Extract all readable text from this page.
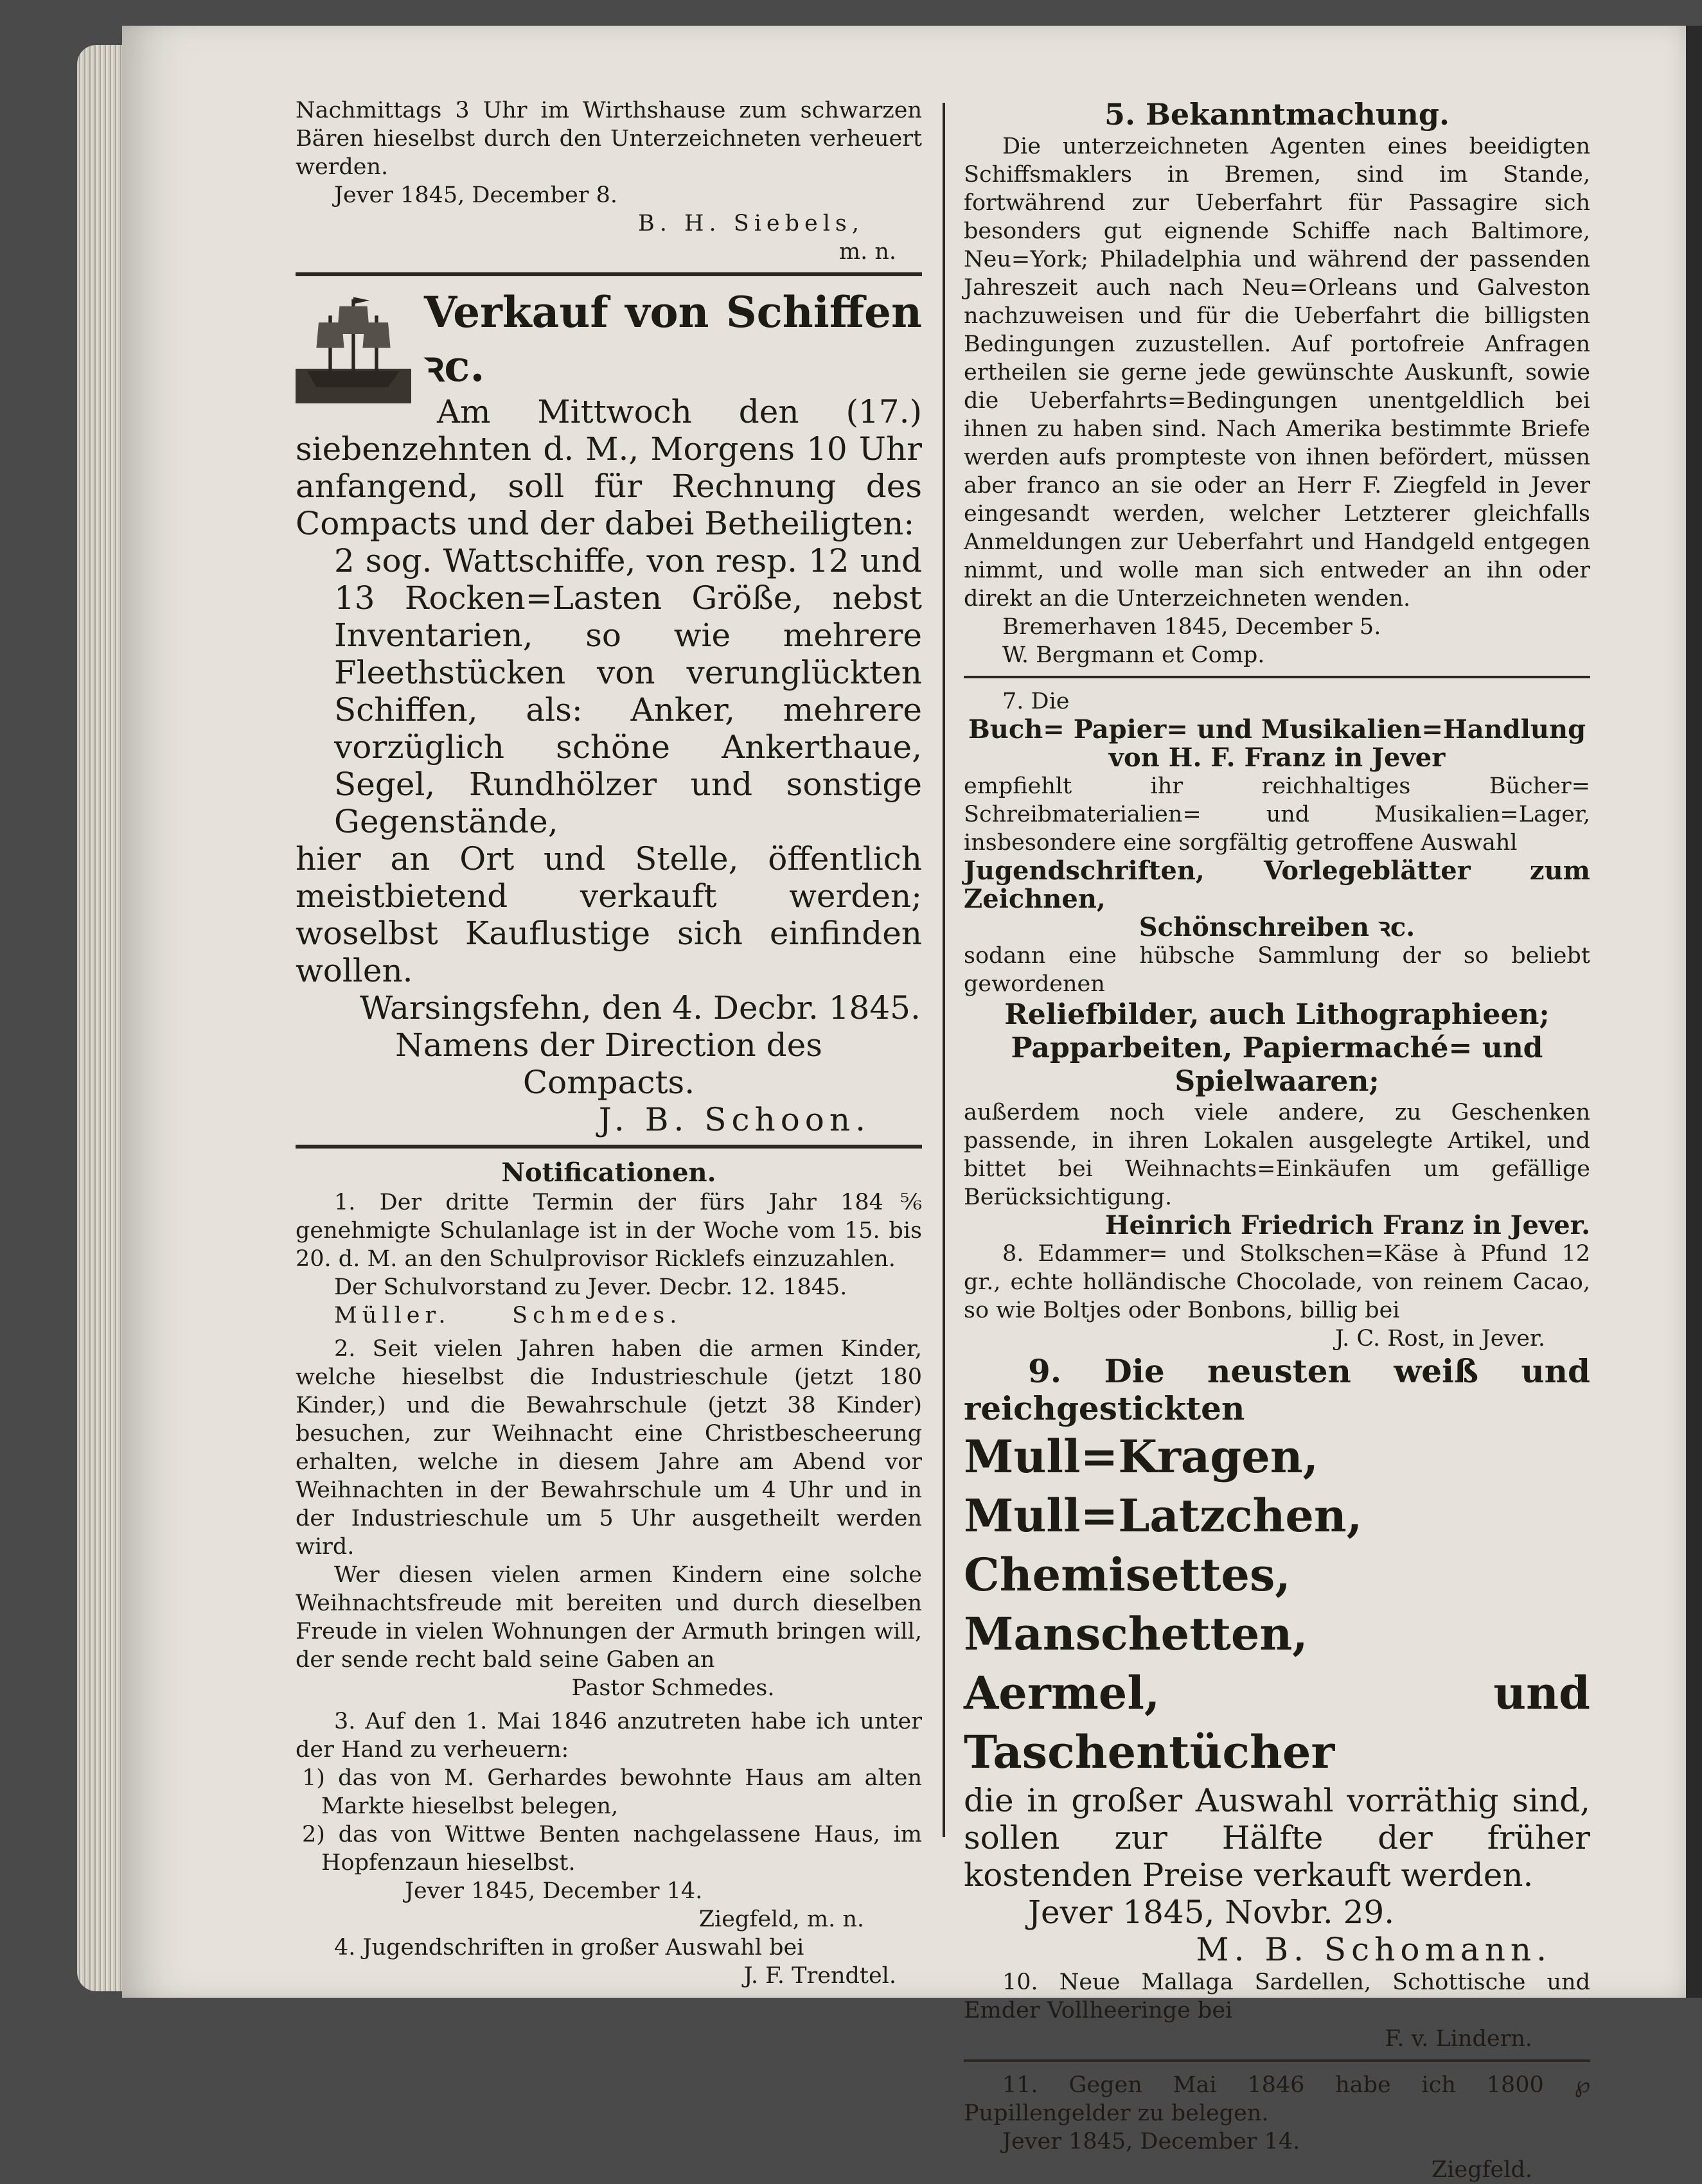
Nachmittags 3 Uhr im Wirthshause zum schwarzen Bären hieselbst durch den Unterzeichneten verheuert werden.

Jever 1845, December 8.

B. H. Siebels,

m. n.

Verkauf von Schiffen ꝛc.

Am Mittwoch den (17.) siebenzehnten d. M., Morgens 10 Uhr anfangend, soll für Rechnung des Compacts und der dabei Betheiligten:

2 sog. Wattschiffe, von resp. 12 und 13 Rocken=Lasten Größe, nebst Inventarien, so wie mehrere Fleethstücken von verunglückten Schiffen, als: Anker, mehrere vorzüglich schöne Ankerthaue, Segel, Rundhölzer und sonstige Gegenstände,

hier an Ort und Stelle, öffentlich meistbietend verkauft werden; woselbst Kauflustige sich einfinden wollen.

Warsingsfehn, den 4. Decbr. 1845.

Namens der Direction des

Compacts.

J. B. Schoon.

Notificationen.

1. Der dritte Termin der fürs Jahr 184⅚ genehmigte Schulanlage ist in der Woche vom 15. bis 20. d. M. an den Schulprovisor Ricklefs einzuzahlen.

Der Schulvorstand zu Jever. Decbr. 12. 1845.

Müller.     Schmedes.

2. Seit vielen Jahren haben die armen Kinder, welche hieselbst die Industrieschule (jetzt 180 Kinder,) und die Bewahrschule (jetzt 38 Kinder) besuchen, zur Weihnacht eine Christbescheerung erhalten, welche in diesem Jahre am Abend vor Weihnachten in der Bewahrschule um 4 Uhr und in der Industrieschule um 5 Uhr ausgetheilt werden wird.

Wer diesen vielen armen Kindern eine solche Weihnachtsfreude mit bereiten und durch dieselben Freude in vielen Wohnungen der Armuth bringen will, der sende recht bald seine Gaben an

Pastor Schmedes.

3. Auf den 1. Mai 1846 anzutreten habe ich unter der Hand zu verheuern:

1) das von M. Gerhardes bewohnte Haus am alten Markte hieselbst belegen,

2) das von Wittwe Benten nachgelassene Haus, im Hopfenzaun hieselbst.

Jever 1845, December 14.

Ziegfeld, m. n.

4. Jugendschriften in großer Auswahl bei

J. F. Trendtel.

5. Bekanntmachung.

Die unterzeichneten Agenten eines beeidigten Schiffsmaklers in Bremen, sind im Stande, fortwährend zur Ueberfahrt für Passagire sich besonders gut eignende Schiffe nach Baltimore, Neu=York; Philadelphia und während der passenden Jahreszeit auch nach Neu=Orleans und Galveston nachzuweisen und für die Ueberfahrt die billigsten Bedingungen zuzustellen. Auf portofreie Anfragen ertheilen sie gerne jede gewünschte Auskunft, sowie die Ueberfahrts=Bedingungen unentgeldlich bei ihnen zu haben sind. Nach Amerika bestimmte Briefe werden aufs prompteste von ihnen befördert, müssen aber franco an sie oder an Herr F. Ziegfeld in Jever eingesandt werden, welcher Letzterer gleichfalls Anmeldungen zur Ueberfahrt und Handgeld entgegen nimmt, und wolle man sich entweder an ihn oder direkt an die Unterzeichneten wenden.

Bremerhaven 1845, December 5.

W. Bergmann et Comp.

7. Die

Buch= Papier= und Musikalien=Handlung

von H. F. Franz in Jever

empfiehlt ihr reichhaltiges Bücher= Schreibmaterialien= und Musikalien=Lager, insbesondere eine sorgfältig getroffene Auswahl

Jugendschriften, Vorlegeblätter zum Zeichnen,

Schönschreiben ꝛc.

sodann eine hübsche Sammlung der so beliebt gewordenen

Reliefbilder, auch Lithographieen;

Papparbeiten, Papiermaché= und

Spielwaaren;

außerdem noch viele andere, zu Geschenken passende, in ihren Lokalen ausgelegte Artikel, und bittet bei Weihnachts=Einkäufen um gefällige Berücksichtigung.

Heinrich Friedrich Franz in Jever.

8. Edammer= und Stolkschen=Käse à Pfund 12 gr., echte holländische Chocolade, von reinem Cacao, so wie Boltjes oder Bonbons, billig bei

J. C. Rost, in Jever.

9. Die neusten weiß und reichgestickten

Mull=Kragen, Mull=Latzchen,

Chemisettes, Manschetten,

Aermel, und Taschentücher

die in großer Auswahl vorräthig sind, sollen zur Hälfte der früher kostenden Preise verkauft werden.

Jever 1845, Novbr. 29.

M. B. Schomann.

10. Neue Mallaga Sardellen, Schottische und Emder Vollheeringe bei

F. v. Lindern.

11. Gegen Mai 1846 habe ich 1800 ℘ Pupillengelder zu belegen.

Jever 1845, December 14.

Ziegfeld.
